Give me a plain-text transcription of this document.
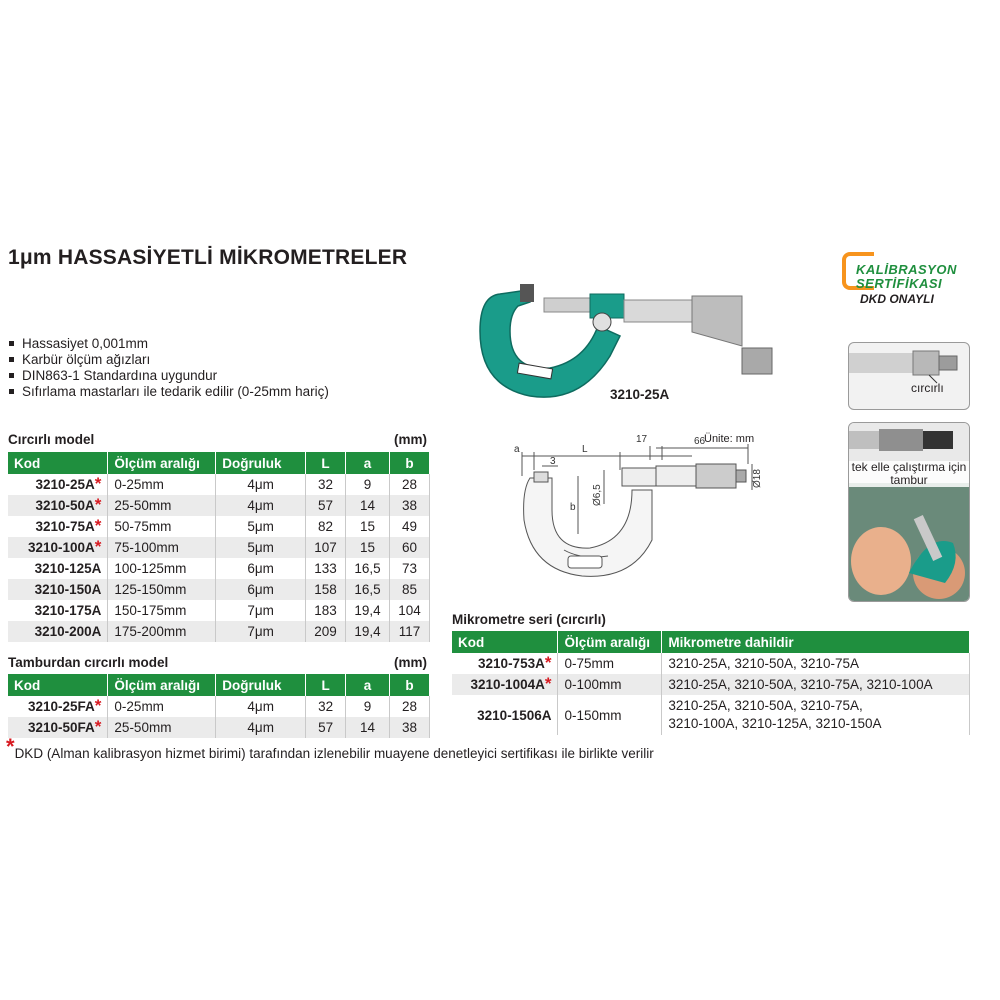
1μm HASSASİYETLİ MİKROMETRELER
Hassasiyet 0,001mm
Karbür ölçüm ağızları
DIN863-1 Standardına uygundur
Sıfırlama mastarları ile tedarik edilir (0-25mm hariç)	3210-25A
KALİBRASYON
SERTİFİKASI
DKD ONAYLI
cırcırlı
tek elle çalıştırma için tambur
a	L
17	66
3
b
Ø6,5
Ø18
Ünite: mm
Cırcırlı model	(mm)
Kod	Ölçüm aralığı	Doğruluk	L	a	b
3210-25A*	0-25mm	4μm	32	9	28
3210-50A*	25-50mm	4μm	57	14	38
3210-75A*	50-75mm	5μm	82	15	49
3210-100A*	75-100mm	5μm	107	15	60
3210-125A	100-125mm	6μm	133	16,5	73
3210-150A	125-150mm	6μm	158	16,5	85
3210-175A	150-175mm	7μm	183	19,4	104
3210-200A	175-200mm	7μm	209	19,4	117
Tamburdan cırcırlı model	(mm)
Kod	Ölçüm aralığı	Doğruluk	L	a	b
3210-25FA*	0-25mm	4μm	32	9	28
3210-50FA*	25-50mm	4μm	57	14	38
Mikrometre seri (cırcırlı)
Kod	Ölçüm aralığı	Mikrometre dahildir
3210-753A*	0-75mm	3210-25A, 3210-50A, 3210-75A
3210-1004A*	0-100mm	3210-25A, 3210-50A, 3210-75A, 3210-100A
3210-1506A	0-150mm	3210-25A, 3210-50A, 3210-75A,
3210-100A, 3210-125A, 3210-150A
*DKD (Alman kalibrasyon hizmet birimi) tarafından izlenebilir muayene denetleyici sertifikası ile birlikte verilir
